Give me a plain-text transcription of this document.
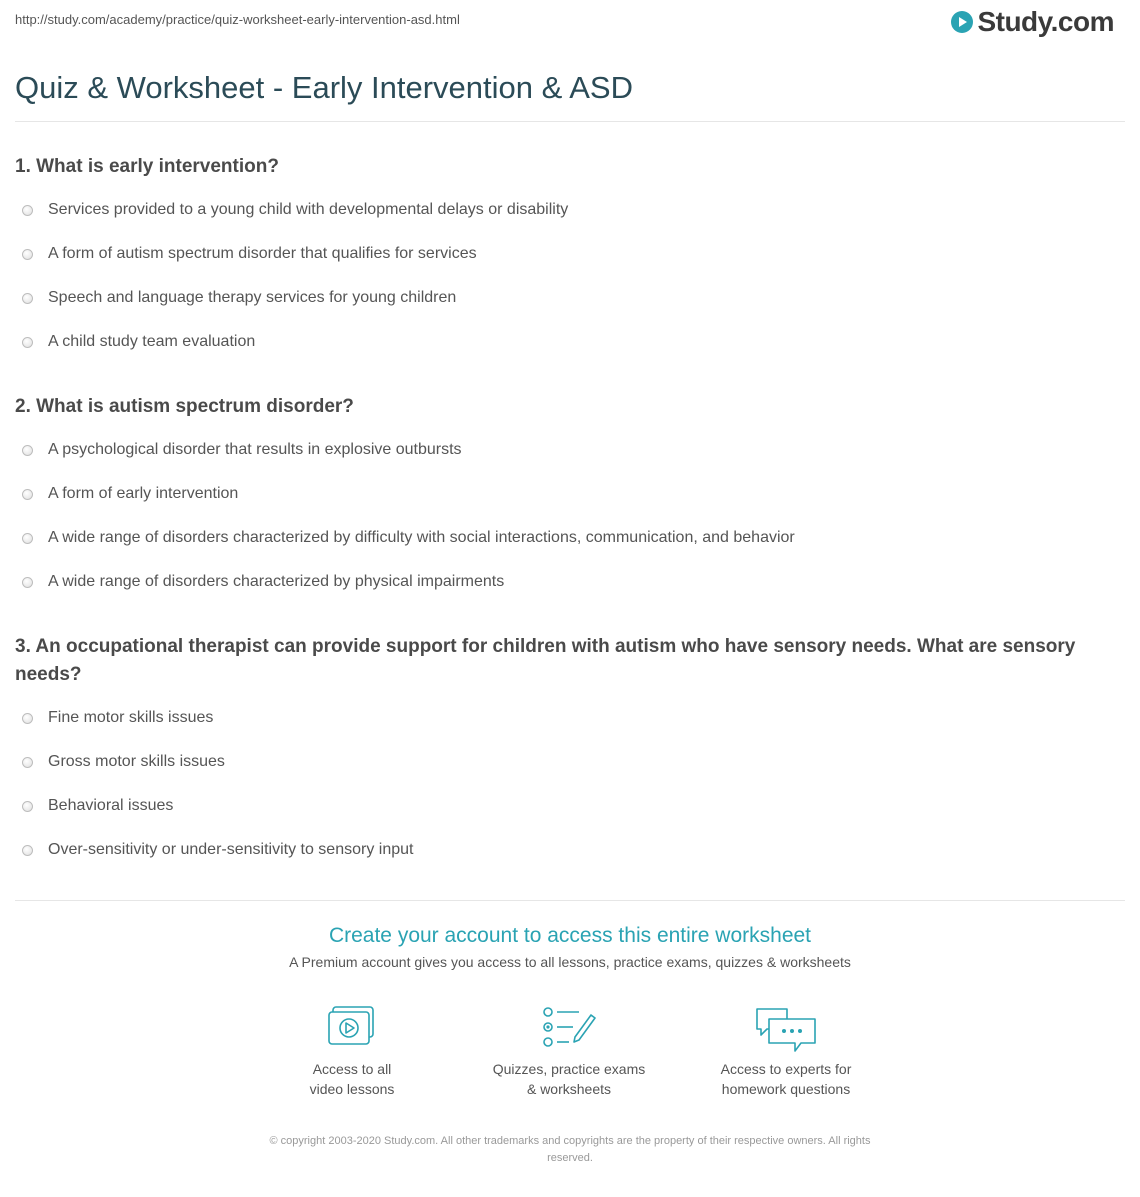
http://study.com/academy/practice/quiz-worksheet-early-intervention-asd.html	Study.com
Quiz & Worksheet - Early Intervention & ASD
1. What is early intervention?
Services provided to a young child with developmental delays or disability
A form of autism spectrum disorder that qualifies for services
Speech and language therapy services for young children
A child study team evaluation
2. What is autism spectrum disorder?
A psychological disorder that results in explosive outbursts
A form of early intervention
A wide range of disorders characterized by difficulty with social interactions, communication, and behavior
A wide range of disorders characterized by physical impairments
3. An occupational therapist can provide support for children with autism who have sensory needs. What are sensory needs?
Fine motor skills issues
Gross motor skills issues
Behavioral issues
Over-sensitivity or under-sensitivity to sensory input
Create your account to access this entire worksheet
A Premium account gives you access to all lessons, practice exams, quizzes & worksheets
Access to all
video lessons
Quizzes, practice exams
& worksheets
Access to experts for
homework questions
© copyright 2003-2020 Study.com. All other trademarks and copyrights are the property of their respective owners. All rights
reserved.
